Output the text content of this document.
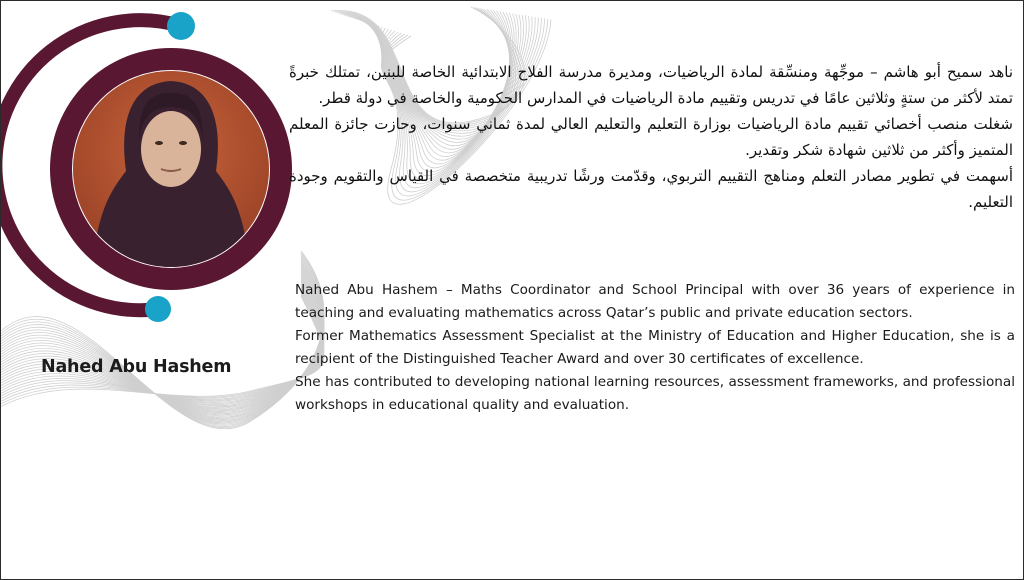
Nahed Abu Hashem

ناهد سميح أبو هاشم – موجِّهة ومنسِّقة لمادة الرياضيات، ومديرة مدرسة الفلاح الابتدائية الخاصة للبنين، تمتلك خبرةً تمتد لأكثر من ستةٍ وثلاثين عامًا في تدريس وتقييم مادة الرياضيات في المدارس الحكومية والخاصة في دولة قطر.

شغلت منصب أخصائي تقييم مادة الرياضيات بوزارة التعليم والتعليم العالي لمدة ثماني سنوات، وحازت جائزة المعلم المتميز وأكثر من ثلاثين شهادة شكر وتقدير.

أسهمت في تطوير مصادر التعلم ومناهج التقييم التربوي، وقدّمت ورشًا تدريبية متخصصة في القياس والتقويم وجودة التعليم.

Nahed Abu Hashem – Maths Coordinator and School Principal with over 36 years of experience in teaching and evaluating mathematics across Qatar’s public and private education sectors.

Former Mathematics Assessment Specialist at the Ministry of Education and Higher Education, she is a recipient of the Distinguished Teacher Award and over 30 certificates of excellence.

She has contributed to developing national learning resources, assessment frameworks, and professional workshops in educational quality and evaluation.
